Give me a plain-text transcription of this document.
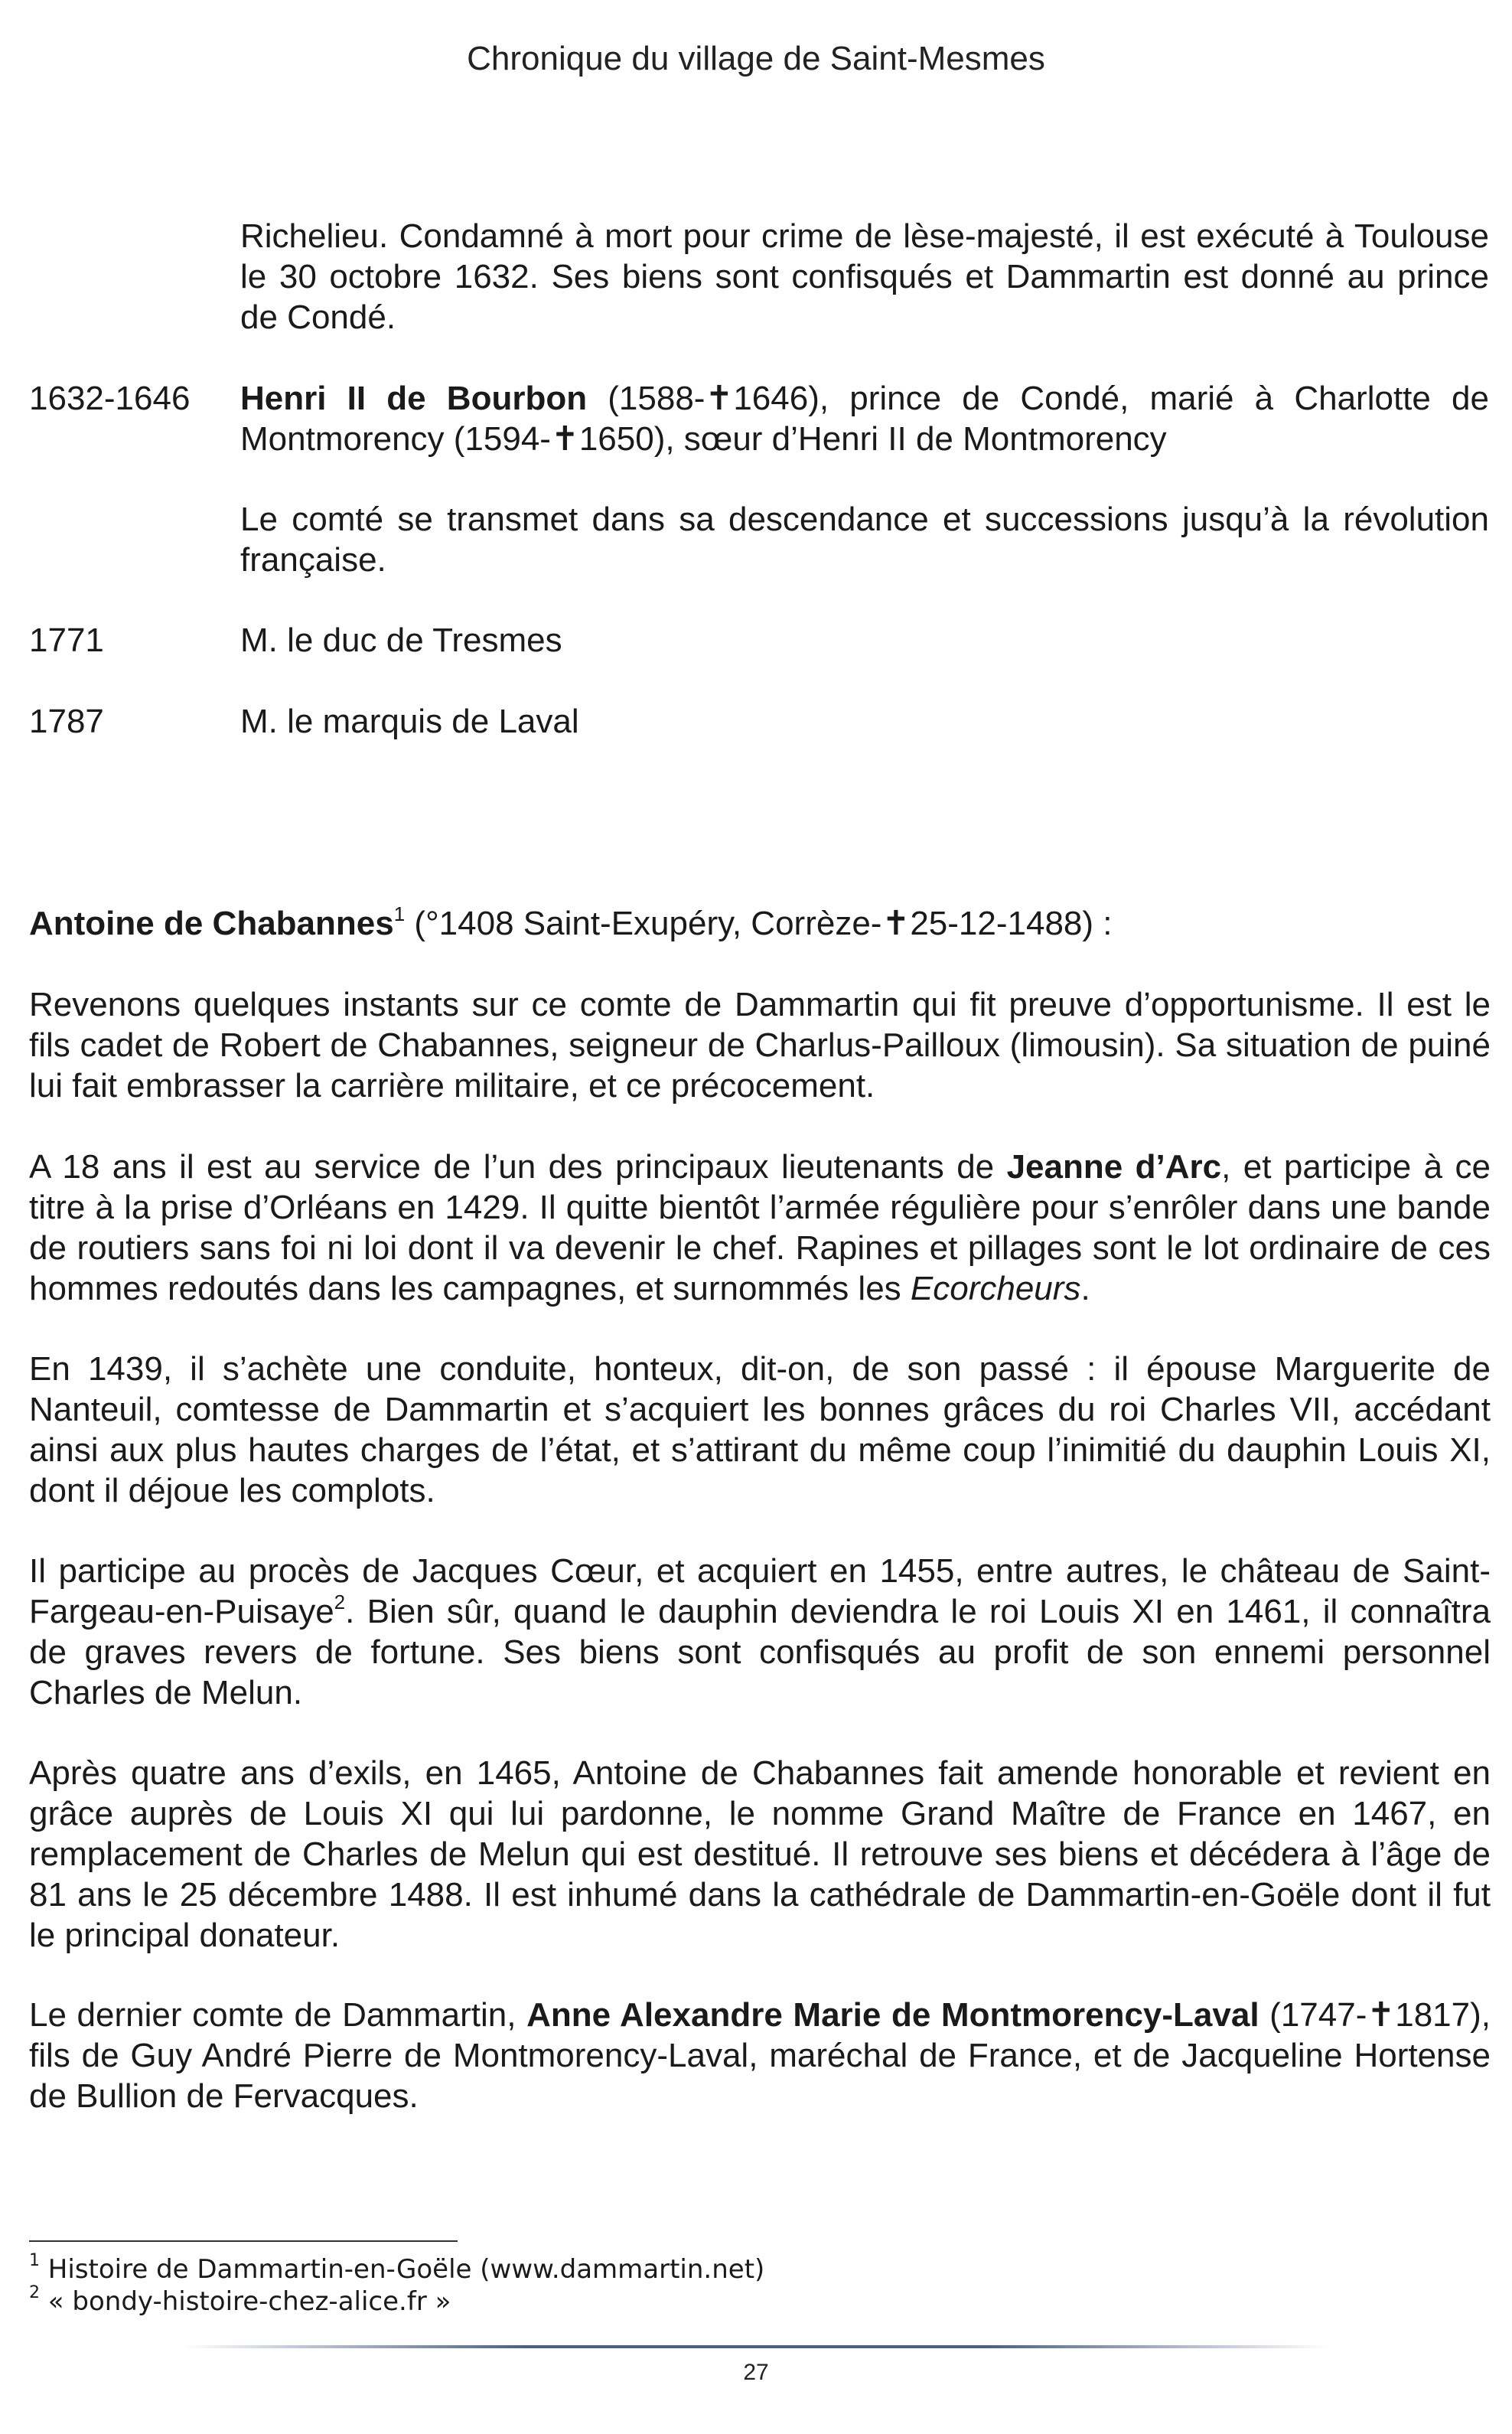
Chronique du village de Saint-Mesmes
Richelieu. Condamné à mort pour crime de lèse-majesté, il est exécuté à Toulouse le 30 octobre 1632. Ses biens sont confisqués et Dammartin est donné au prince de Condé.
1632-1646	Henri II de Bourbon (1588-✝1646), prince de Condé, marié à Charlotte de Montmorency (1594-✝1650), sœur d’Henri II de Montmorency
Le comté se transmet dans sa descendance et successions jusqu’à la révolution française.
1771	M. le duc de Tresmes
1787	M. le marquis de Laval
Antoine de Chabannes$^1$ (°1408 Saint-Exupéry, Corrèze-✝25-12-1488) :
Revenons quelques instants sur ce comte de Dammartin qui fit preuve d’opportunisme. Il est le fils cadet de Robert de Chabannes, seigneur de Charlus-Pailloux (limousin). Sa situation de puiné lui fait embrasser la carrière militaire, et ce précocement.
A 18 ans il est au service de l’un des principaux lieutenants de Jeanne d’Arc, et participe à ce titre à la prise d’Orléans en 1429. Il quitte bientôt l’armée régulière pour s’enrôler dans une bande de routiers sans foi ni loi dont il va devenir le chef. Rapines et pillages sont le lot ordinaire de ces hommes redoutés dans les campagnes, et surnommés les Ecorcheurs.
En 1439, il s’achète une conduite, honteux, dit-on, de son passé : il épouse Marguerite de Nanteuil, comtesse de Dammartin et s’acquiert les bonnes grâces du roi Charles VII, accédant ainsi aux plus hautes charges de l’état, et s’attirant du même coup l’inimitié du dauphin Louis XI, dont il déjoue les complots.
Il participe au procès de Jacques Cœur, et acquiert en 1455, entre autres, le château de Saint-Fargeau-en-Puisaye$^2$. Bien sûr, quand le dauphin deviendra le roi Louis XI en 1461, il connaîtra de graves revers de fortune. Ses biens sont confisqués au profit de son ennemi personnel Charles de Melun.
Après quatre ans d’exils, en 1465, Antoine de Chabannes fait amende honorable et revient en grâce auprès de Louis XI qui lui pardonne, le nomme Grand Maître de France en 1467, en remplacement de Charles de Melun qui est destitué. Il retrouve ses biens et décédera à l’âge de 81 ans le 25 décembre 1488. Il est inhumé dans la cathédrale de Dammartin-en-Goële dont il fut le principal donateur.
Le dernier comte de Dammartin, Anne Alexandre Marie de Montmorency-Laval (1747-✝1817), fils de Guy André Pierre de Montmorency-Laval, maréchal de France, et de Jacqueline Hortense de Bullion de Fervacques.
$^1$ Histoire de Dammartin-en-Goële (www.dammartin.net)
$^2$ « bondy-histoire-chez-alice.fr »
27
